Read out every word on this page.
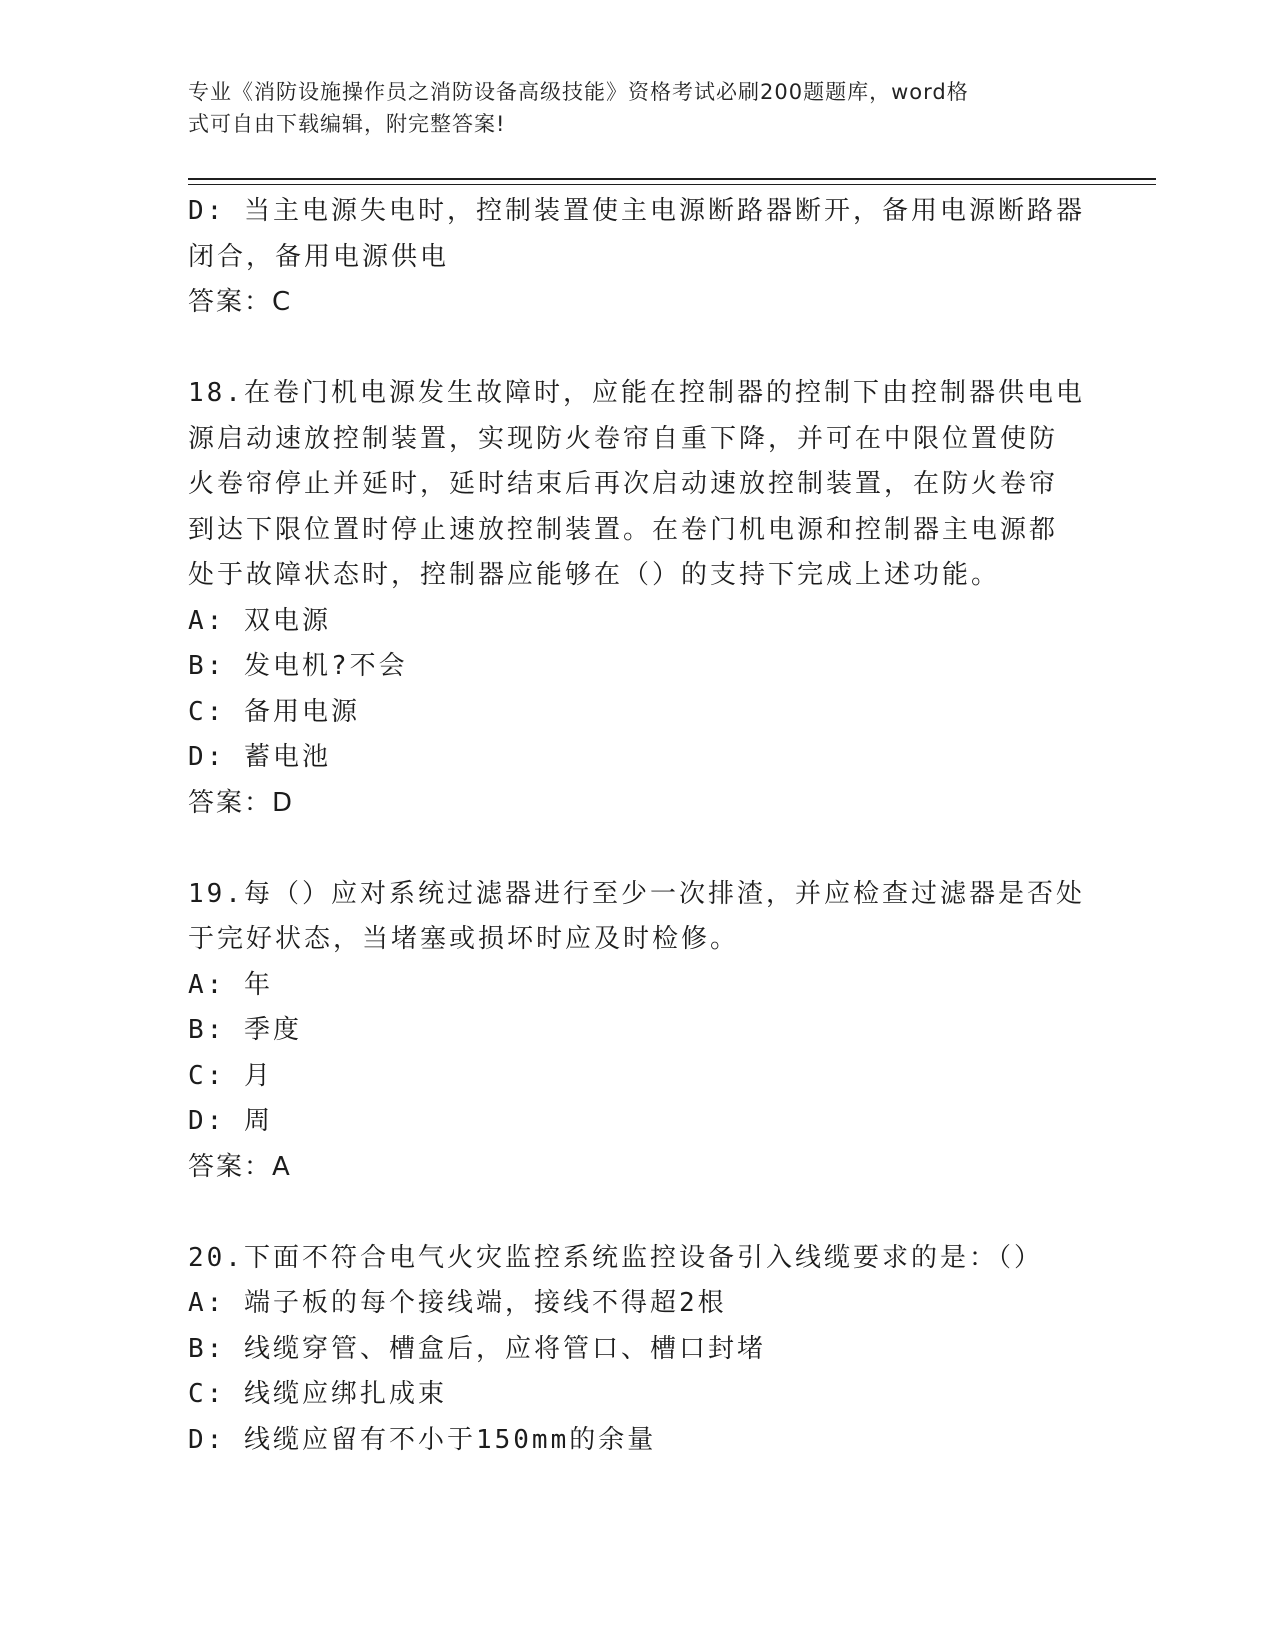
专业《消防设施操作员之消防设备高级技能》资格考试必刷200题题库，word格
式可自由下载编辑，附完整答案!
D: 当主电源失电时，控制装置使主电源断路器断开，备用电源断路器
闭合，备用电源供电
答案：C
18.在卷门机电源发生故障时，应能在控制器的控制下由控制器供电电
源启动速放控制装置，实现防火卷帘自重下降，并可在中限位置使防
火卷帘停止并延时，延时结束后再次启动速放控制装置，在防火卷帘
到达下限位置时停止速放控制装置。在卷门机电源和控制器主电源都
处于故障状态时，控制器应能够在（）的支持下完成上述功能。
A: 双电源
B: 发电机?不会
C: 备用电源
D: 蓄电池
答案：D
19.每（）应对系统过滤器进行至少一次排渣，并应检查过滤器是否处
于完好状态，当堵塞或损坏时应及时检修。
A: 年
B: 季度
C: 月
D: 周
答案：A
20.下面不符合电气火灾监控系统监控设备引入线缆要求的是：（）
A: 端子板的每个接线端，接线不得超2根
B: 线缆穿管、槽盒后，应将管口、槽口封堵
C: 线缆应绑扎成束
D: 线缆应留有不小于150mm的余量
